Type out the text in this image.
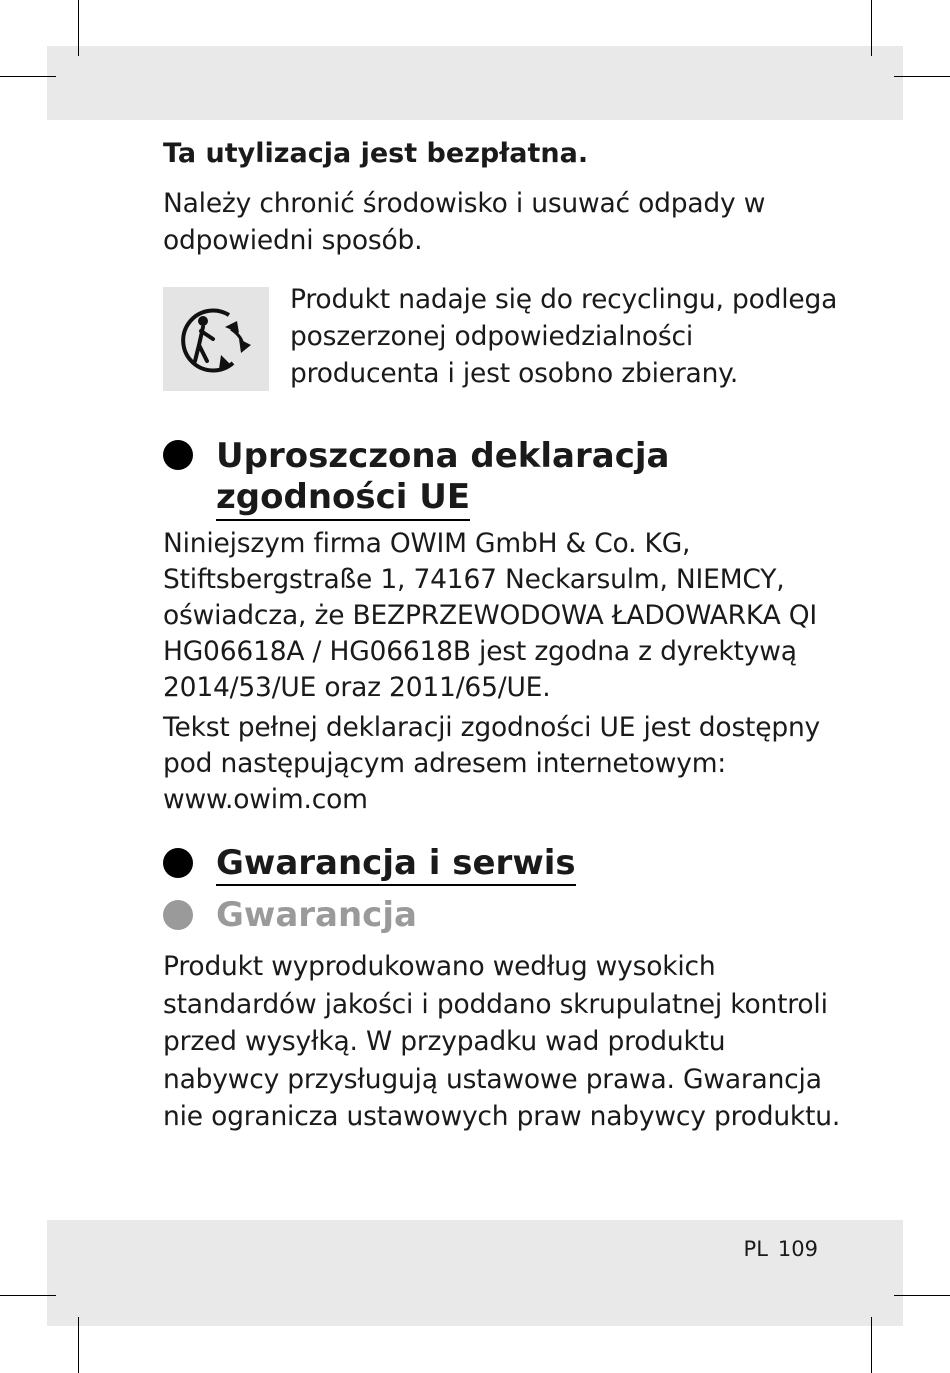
Ta utylizacja jest bezpłatna.

Należy chronić środowisko i usuwać odpady w odpowiedni sposób.

Produkt nadaje się do recyclingu, podlega poszerzonej odpowiedzialności producenta i jest osobno zbierany.

Uproszczona deklaracja
zgodności UE

Niniejszym firma OWIM GmbH & Co. KG, Stiftsbergstraße 1, 74167 Neckarsulm, NIEMCY, oświadcza, że BEZPRZEWODOWA ŁADOWARKA QI HG06618A / HG06618B jest zgodna z dyrektywą 2014/53/UE oraz 2011/65/UE.

Tekst pełnej deklaracji zgodności UE jest dostępny pod następującym adresem internetowym: www.owim.com

Gwarancja i serwis
Gwarancja

Produkt wyprodukowano według wysokich standardów jakości i poddano skrupulatnej kontroli przed wysyłką. W przypadku wad produktu nabywcy przysługują ustawowe prawa. Gwarancja nie ogranicza ustawowych praw nabywcy produktu.

PL 109
